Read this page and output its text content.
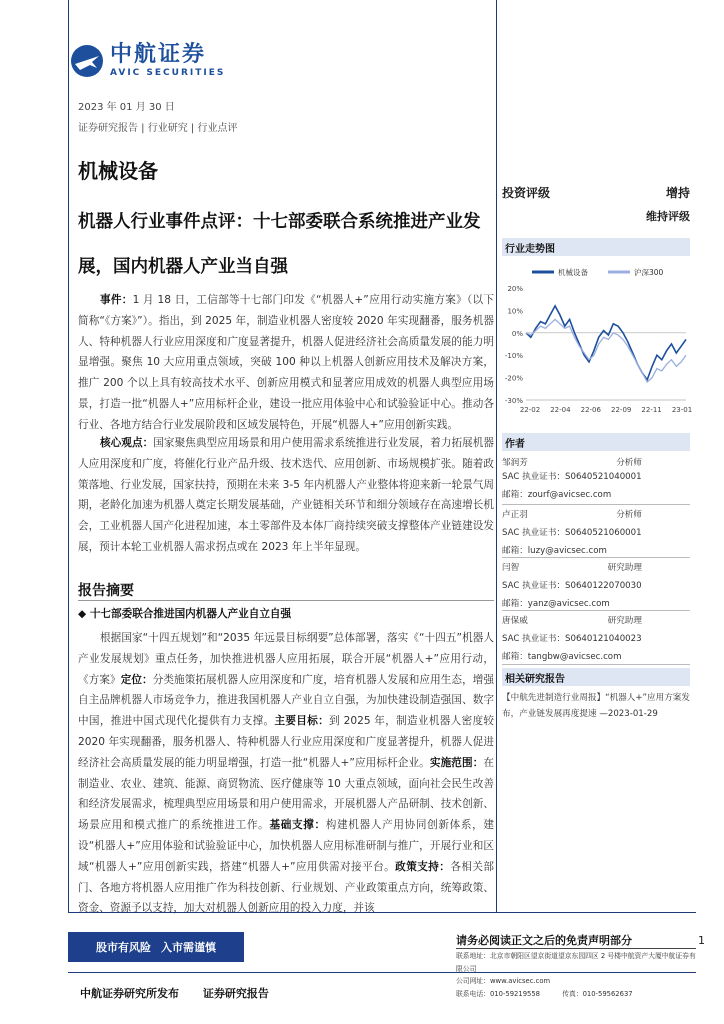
中航证券
AVIC SECURITIES
2023 年 01 月 30 日
证券研究报告 | 行业研究 | 行业点评
机械设备
机器人行业事件点评：十七部委联合系统推进产业发展，国内机器人产业当自强
事件：1 月 18 日，工信部等十七部门印发《“机器人+”应用行动实施方案》（以下简称“《方案》”）。指出，到 2025 年，制造业机器人密度较 2020 年实现翻番，服务机器人、特种机器人行业应用深度和广度显著提升，机器人促进经济社会高质量发展的能力明显增强。聚焦 10 大应用重点领域，突破 100 种以上机器人创新应用技术及解决方案，推广 200 个以上具有较高技术水平、创新应用模式和显著应用成效的机器人典型应用场景，打造一批“机器人+”应用标杆企业，建设一批应用体验中心和试验验证中心。推动各行业、各地方结合行业发展阶段和区域发展特色，开展“机器人+”应用创新实践。
核心观点：国家聚焦典型应用场景和用户使用需求系统推进行业发展，着力拓展机器人应用深度和广度，将催化行业产品升级、技术迭代、应用创新、市场规模扩张。随着政策落地、行业发展，国家扶持，预期在未来 3-5 年内机器人产业整体将迎来新一轮景气周期，老龄化加速为机器人奠定长期发展基础，产业链相关环节和细分领域存在高速增长机会，工业机器人国产化进程加速，本土零部件及本体厂商持续突破支撑整体产业链建设发展，预计本轮工业机器人需求拐点或在 2023 年上半年显现。
报告摘要
◆ 十七部委联合推进国内机器人产业自立自强
根据国家“十四五规划”和“2035 年远景目标纲要”总体部署，落实《“十四五”机器人产业发展规划》重点任务，加快推进机器人应用拓展，联合开展“机器人+”应用行动，《方案》定位：分类施策拓展机器人应用深度和广度，培育机器人发展和应用生态，增强自主品牌机器人市场竞争力，推进我国机器人产业自立自强，为加快建设制造强国、数字中国，推进中国式现代化提供有力支撑。主要目标：到 2025 年，制造业机器人密度较 2020 年实现翻番，服务机器人、特种机器人行业应用深度和广度显著提升，机器人促进经济社会高质量发展的能力明显增强，打造一批“机器人+”应用标杆企业。实施范围：在制造业、农业、建筑、能源、商贸物流、医疗健康等 10 大重点领域，面向社会民生改善和经济发展需求，梳理典型应用场景和用户使用需求，开展机器人产品研制、技术创新、场景应用和模式推广的系统推进工作。基础支撑：构建机器人产用协同创新体系，建设“机器人+”应用体验和试验验证中心，加快机器人应用标准研制与推广，开展行业和区域“机器人+”应用创新实践，搭建“机器人+”应用供需对接平台。政策支持：各相关部门、各地方将机器人应用推广作为科技创新、行业规划、产业政策重点方向，统筹政策、资金、资源予以支持，加大对机器人创新应用的投入力度，并该
投资评级	增持
维持评级
行业走势图
机械设备	沪深300
20%
10%
0%
-10%
-20%
-30%
22-02 22-04 22-06 22-09 22-11 23-01
作者
邹润芳	分析师
SAC 执业证书：S0640521040001
邮箱：zourf@avicsec.com
卢正羽	分析师
SAC 执业证书：S0640521060001
邮箱：luzy@avicsec.com
闫智	研究助理
SAC 执业证书：S0640122070030
邮箱：yanz@avicsec.com
唐保威	研究助理
SAC 执业证书：S0640121040023
邮箱：tangbw@avicsec.com
相关研究报告
【中航先进制造行业周报】“机器人+”应用方案发布，产业链发展再度提速 —2023-01-29
股市有风险 入市需谨慎
1
请务必阅读正文之后的免责声明部分
联系地址：北京市朝阳区望京街道望京东园四区 2 号楼中航资产大厦中航证券有限公司
公司网址：www.avicsec.com
联系电话：010-59219558	传真：010-59562637
中航证券研究所发布 证券研究报告
